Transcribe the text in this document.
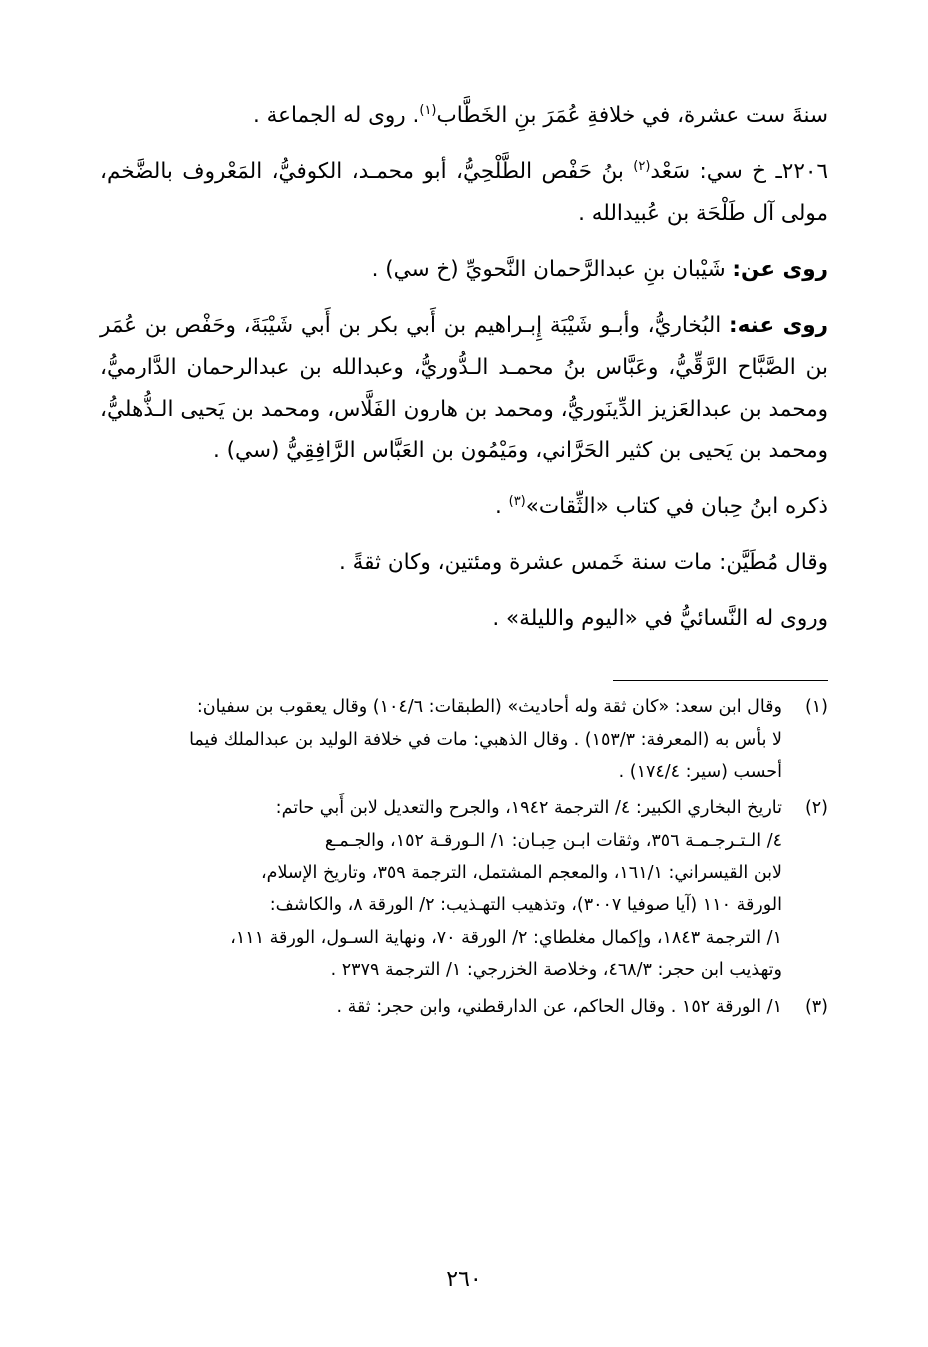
سنةَ ست عشرة، في خلافةِ عُمَرَ بنِ الخَطَّاب$^{(١)}$. روى له الجماعة .

٢٢٠٦ـ خ سي: سَعْد$^{(٢)}$ بنُ حَفْص الطَّلْحِيُّ، أبو محمـد، الكوفيُّ، المَعْروف بالضَّخم، مولى آل طَلْحَة بن عُبيدالله .

روى عن: شَيْبان بنِ عبدالرَّحمان النَّحويِّ (خ سي) .

روى عنه: البُخاريُّ، وأبـو شَيْبَة إِبـراهيم بن أَبي بكر بن أَبي شَيْبَةَ، وحَفْص بن عُمَر بن الصَّبَّاح الرَّقِّيُّ، وعَبَّاس بنُ محمـد الـدُّوريُّ، وعبدالله بن عبدالرحمان الدَّارميُّ، ومحمد بن عبدالعَزيز الدِّينَوريُّ، ومحمد بن هارون الفَلَّاس، ومحمد بن يَحيى الـذُّهليُّ، ومحمد بن يَحيى بن كثير الحَرَّاني، ومَيْمُون بن العَبَّاس الرَّافِقِيُّ (سي) .

ذكره ابنُ حِبان في كتاب «الثِّقات»$^{(٣)}$ .

وقال مُطَيَّن: مات سنة خَمس عشرة ومئتين، وكان ثقةً .

وروى له النَّسائيُّ في «اليوم والليلة» .

(١)
وقال ابن سعد: «كان ثقة وله أحاديث» (الطبقات: ١٠٤/٦) وقال يعقوب بن سفيان:
لا بأس به (المعرفة: ١٥٣/٣) . وقال الذهبي: مات في خلافة الوليد بن عبدالملك فيما
أحسب (سير: ١٧٤/٤) .
(٢)
تاريخ البخاري الكبير: ٤/ الترجمة ١٩٤٢، والجرح والتعديل لابن أَبي حاتم:
٤/ الـتـرجـمـة ٣٥٦، وثقات ابـن حِبـان: ١/ الـورقـة ١٥٢، والجـمـع
لابن القيسراني: ١٦١/١، والمعجم المشتمل، الترجمة ٣٥٩، وتاريخ الإسلام،
الورقة ١١٠ (آيا صوفيا ٣٠٠٧)، وتذهيب التهـذيب: ٢/ الورقة ٨، والكاشف:
١/ الترجمة ١٨٤٣، وإكمال مغلطاي: ٢/ الورقة ٧٠، ونهاية السـول، الورقة ١١١،
وتهذيب ابن حجر: ٤٦٨/٣، وخلاصة الخزرجي: ١/ الترجمة ٢٣٧٩ .
(٣)
١/ الورقة ١٥٢ . وقال الحاكم، عن الدارقطني، وابن حجر: ثقة .
٢٦٠
